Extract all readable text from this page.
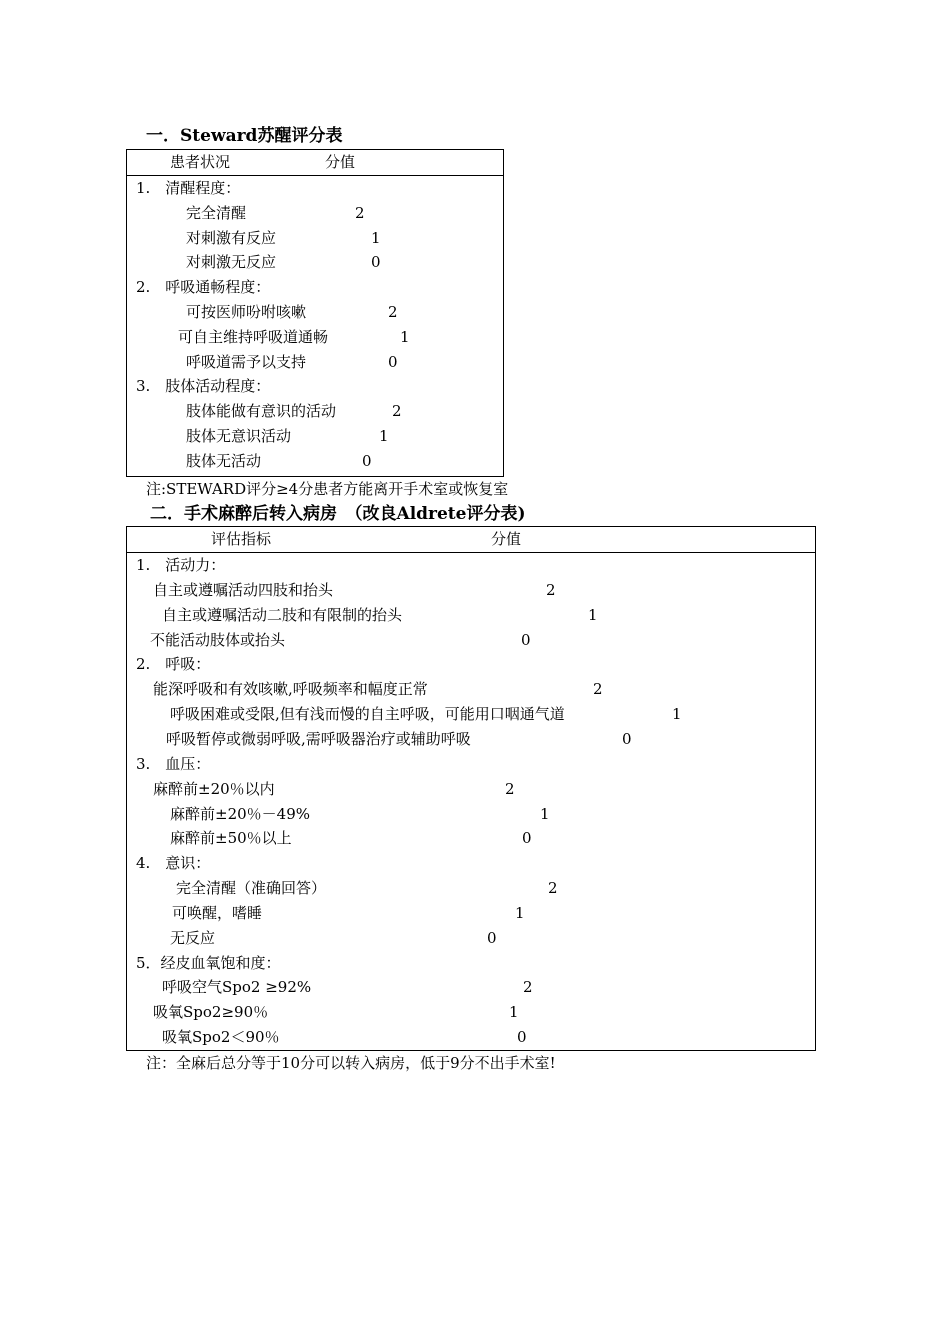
一．Steward苏醒评分表
患者状况	分值
1.　清醒程度：
完全清醒	2
对刺激有反应	1
对刺激无反应	0
2.　呼吸通畅程度：
可按医师吩咐咳嗽	2
可自主维持呼吸道通畅	1
呼吸道需予以支持	0
3.　肢体活动程度：
肢体能做有意识的活动	2
肢体无意识活动	1
肢体无活动	0
注:STEWARD评分≥4分患者方能离开手术室或恢复室
二．手术麻醉后转入病房　（改良Aldrete评分表)
评估指标	分值
1.　活动力：
自主或遵嘱活动四肢和抬头	2
自主或遵嘱活动二肢和有限制的抬头	1
不能活动肢体或抬头	0
2.　呼吸：
能深呼吸和有效咳嗽,呼吸频率和幅度正常	2
呼吸困难或受限,但有浅而慢的自主呼吸，可能用口咽通气道	1
呼吸暂停或微弱呼吸,需呼吸器治疗或辅助呼吸	0
3.　血压：
麻醉前±20％以内	2
麻醉前±20％－49%	1
麻醉前±50％以上	0
4.　意识：
完全清醒（准确回答）	2
可唤醒，嗜睡	1
无反应	0
5．经皮血氧饱和度：
呼吸空气Spo2 ≥92%	2
吸氧Spo2≥90％	1
吸氧Spo2＜90％	0
注：全麻后总分等于10分可以转入病房，低于9分不出手术室!
